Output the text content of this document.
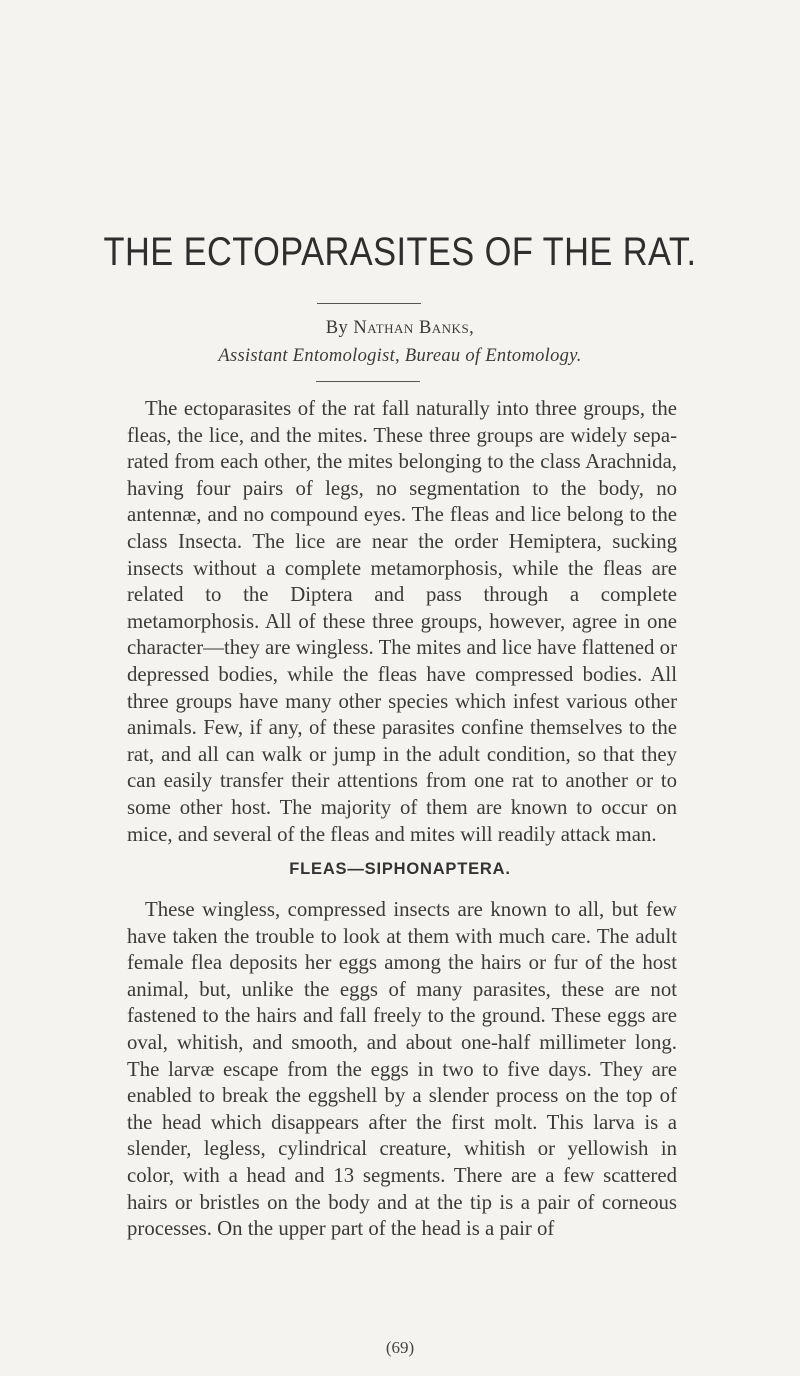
THE ECTOPARASITES OF THE RAT.
By Nathan Banks,
Assistant Entomologist, Bureau of Entomology.

The ectoparasites of the rat fall naturally into three groups, the fleas, the lice, and the mites. These three groups are widely separated from each other, the mites belonging to the class Arachnida, having four pairs of legs, no segmentation to the body, no antennæ, and no compound eyes. The fleas and lice belong to the class Insecta. The lice are near the order Hemiptera, sucking insects without a complete metamorphosis, while the fleas are related to the Diptera and pass through a complete metamorphosis. All of these three groups, however, agree in one character—they are wingless. The mites and lice have flattened or depressed bodies, while the fleas have compressed bodies. All three groups have many other species which infest various other animals. Few, if any, of these parasites confine themselves to the rat, and all can walk or jump in the adult condition, so that they can easily transfer their attentions from one rat to another or to some other host. The majority of them are known to occur on mice, and several of the fleas and mites will readily attack man.

FLEAS—SIPHONAPTERA.

These wingless, compressed insects are known to all, but few have taken the trouble to look at them with much care. The adult female flea deposits her eggs among the hairs or fur of the host animal, but, unlike the eggs of many parasites, these are not fastened to the hairs and fall freely to the ground. These eggs are oval, whitish, and smooth, and about one-half millimeter long. The larvæ escape from the eggs in two to five days. They are enabled to break the eggshell by a slender process on the top of the head which disappears after the first molt. This larva is a slender, legless, cylindrical creature, whitish or yellowish in color, with a head and 13 segments. There are a few scattered hairs or bristles on the body and at the tip is a pair of corneous processes. On the upper part of the head is a pair of

(69)
